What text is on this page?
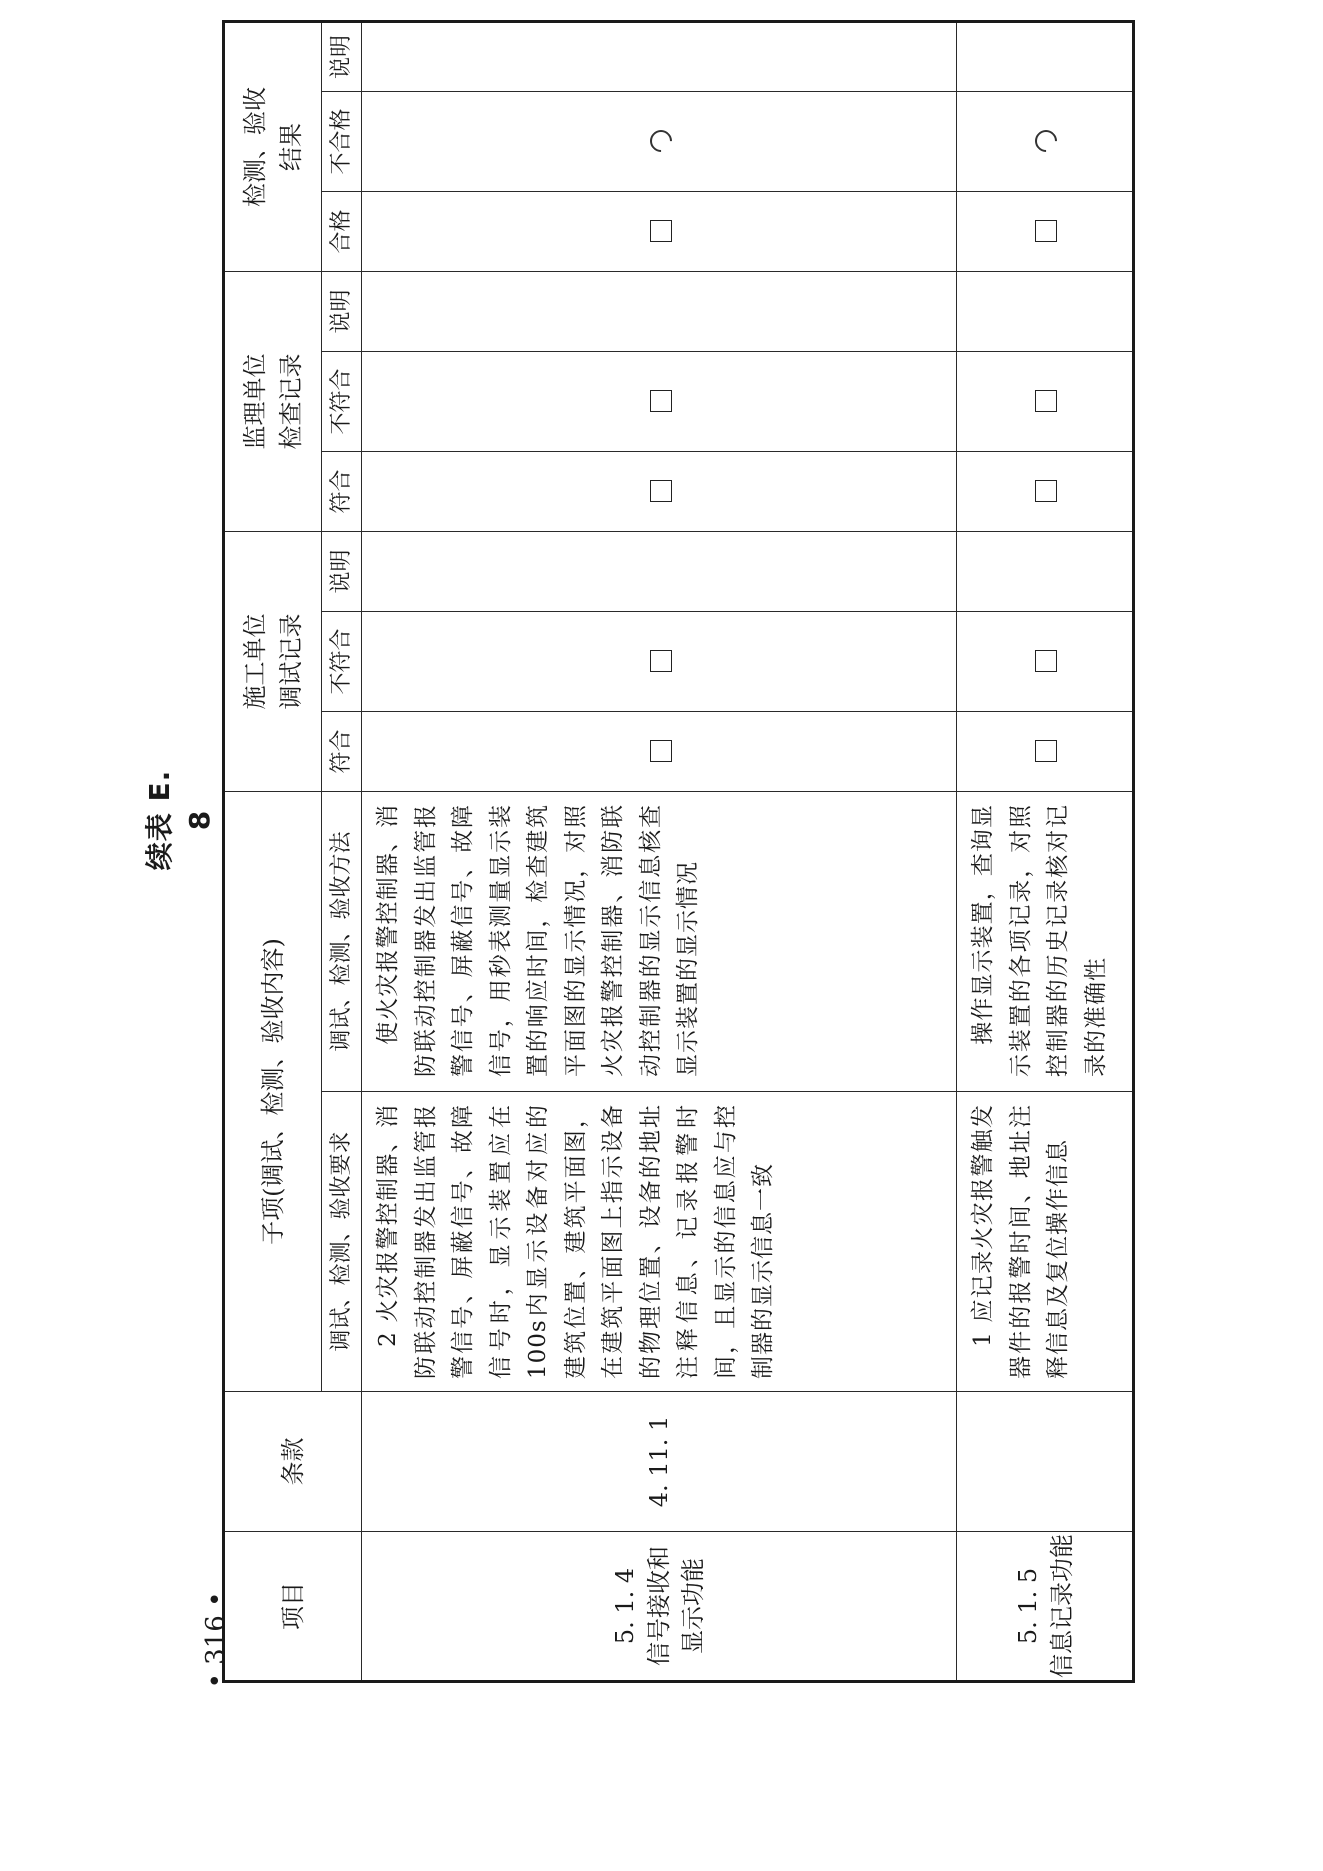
续表 E. 8
• 316 • 项目	条款	子项(调试、检测、验收内容)		施工单位 调试记录			监理单位 检查记录			检测、验收 结果		

		调试、检测、验收要求	调试、检测、验收方法	符合	不符合	说明	符合	不符合	说明	合格	不合格	说明

5. 1. 4 信号接收和 显示功能	4. 11. 1	2 火灾报警控制器、消防联动控制器发出监管报警信号、屏蔽信号、故障信号时，显示装置应在100s内显示设备对应的建筑位置、建筑平面图，在建筑平面图上指示设备的物理位置、设备的地址注释信息、记录报警时间，且显示的信息应与控制器的显示信息一致	使火灾报警控制器、消防联动控制器发出监管报警信号、屏蔽信号、故障信号，用秒表测量显示装置的响应时间，检查建筑平面图的显示情况，对照火灾报警控制器、消防联动控制器的显示信息核查显示装置的显示情况									

5. 1. 5 信息记录功能		1 应记录火灾报警触发器件的报警时间、地址注释信息及复位操作信息	操作显示装置，查询显示装置的各项记录，对照控制器的历史记录核对记录的准确性									
